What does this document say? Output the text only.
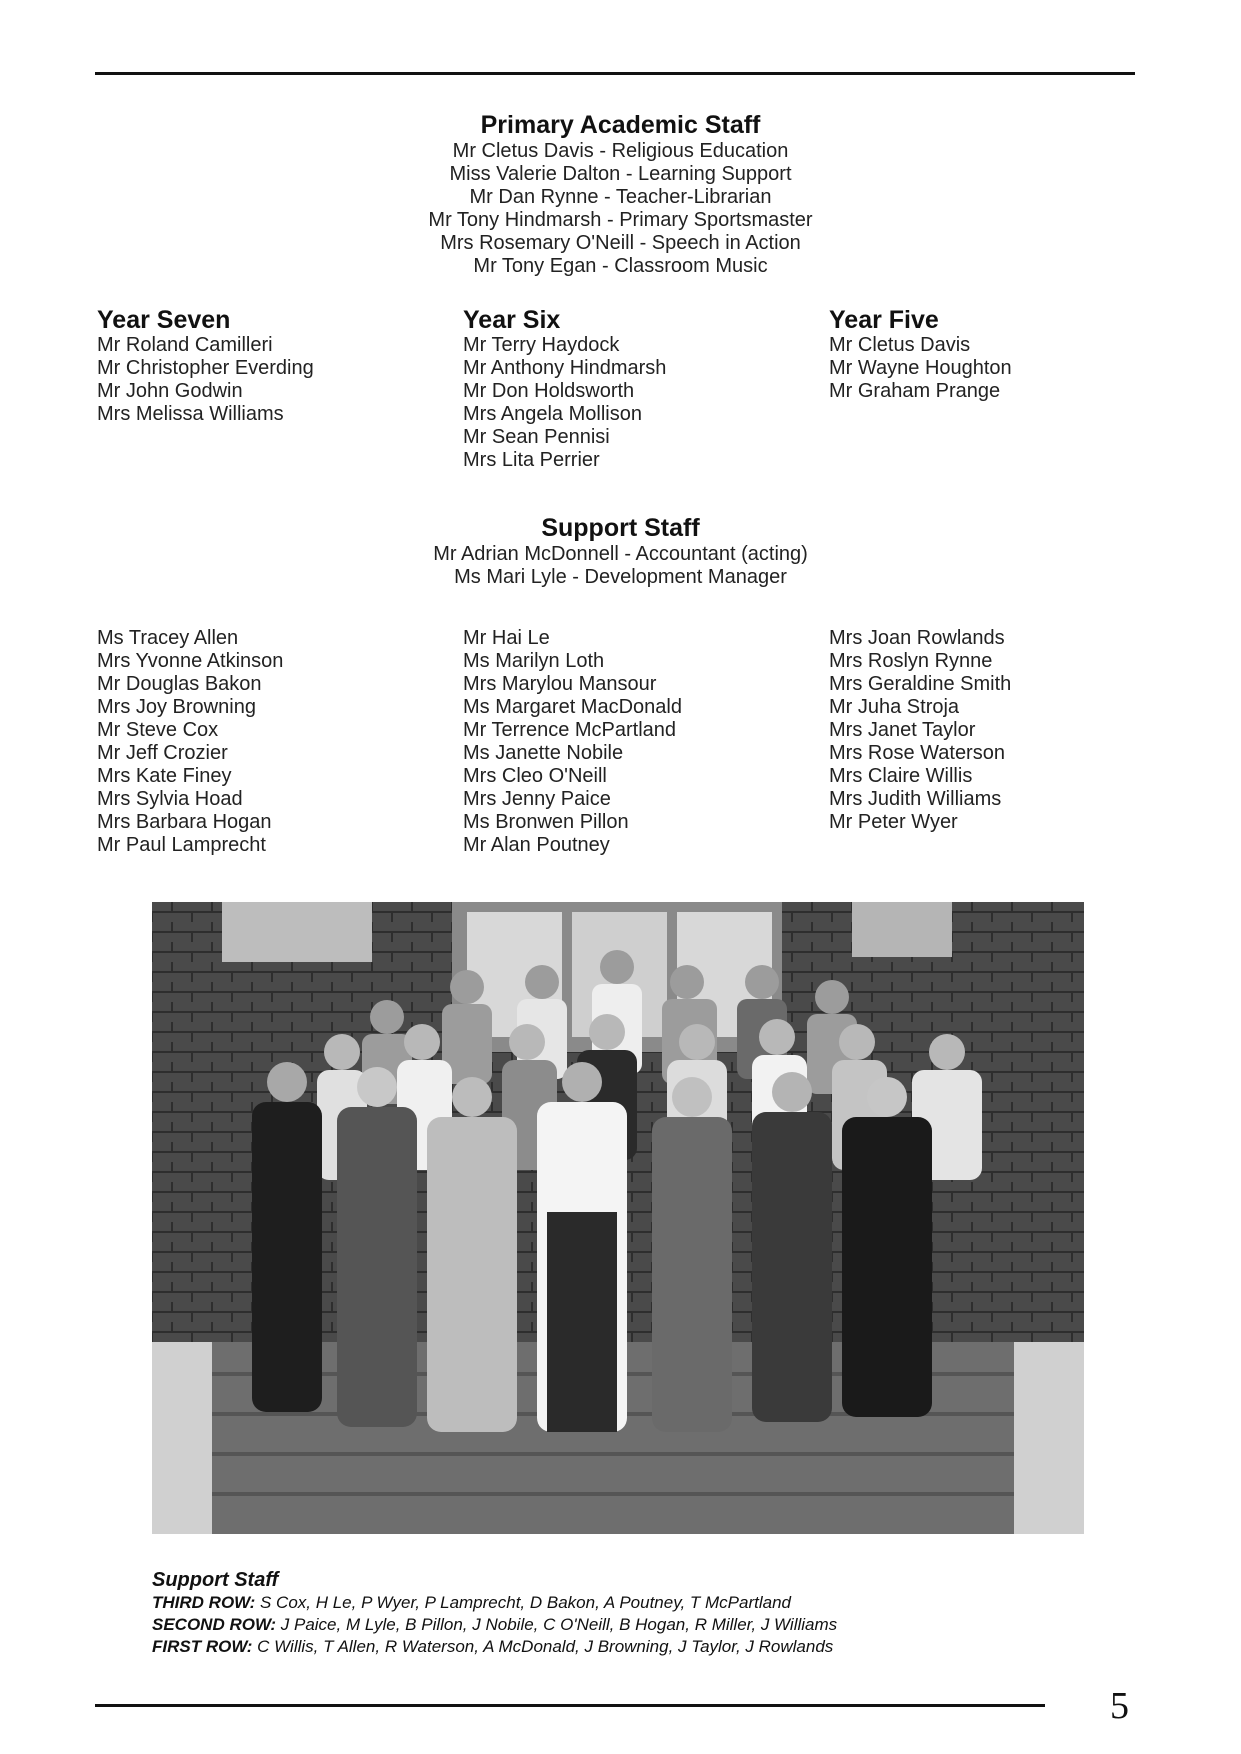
Primary Academic Staff
Mr Cletus Davis - Religious Education
Miss Valerie Dalton - Learning Support
Mr Dan Rynne - Teacher-Librarian
Mr Tony Hindmarsh - Primary Sportsmaster
Mrs Rosemary O'Neill - Speech in Action
Mr Tony Egan - Classroom Music
Year Seven
Mr Roland Camilleri
Mr Christopher Everding
Mr John Godwin
Mrs Melissa Williams
Year Six
Mr Terry Haydock
Mr Anthony Hindmarsh
Mr Don Holdsworth
Mrs Angela Mollison
Mr Sean Pennisi
Mrs Lita Perrier
Year Five
Mr Cletus Davis
Mr Wayne Houghton
Mr Graham Prange
Support Staff
Mr Adrian McDonnell - Accountant (acting)
Ms Mari Lyle - Development Manager
Ms Tracey Allen
Mrs Yvonne Atkinson
Mr Douglas Bakon
Mrs Joy Browning
Mr Steve Cox
Mr Jeff Crozier
Mrs Kate Finey
Mrs Sylvia Hoad
Mrs Barbara Hogan
Mr Paul Lamprecht
Mr Hai Le
Ms Marilyn Loth
Mrs Marylou Mansour
Ms Margaret MacDonald
Mr Terrence McPartland
Ms Janette Nobile
Mrs Cleo O'Neill
Mrs Jenny Paice
Ms Bronwen Pillon
Mr Alan Poutney
Mrs Joan Rowlands
Mrs Roslyn Rynne
Mrs Geraldine Smith
Mr Juha Stroja
Mrs Janet Taylor
Mrs Rose Waterson
Mrs Claire Willis
Mrs Judith Williams
Mr Peter Wyer
Support Staff
THIRD ROW: S Cox, H Le, P Wyer, P Lamprecht, D Bakon, A Poutney, T McPartland
SECOND ROW: J Paice, M Lyle, B Pillon, J Nobile, C O'Neill, B Hogan, R Miller, J Williams
FIRST ROW: C Willis, T Allen, R Waterson, A McDonald, J Browning, J Taylor, J Rowlands
5
